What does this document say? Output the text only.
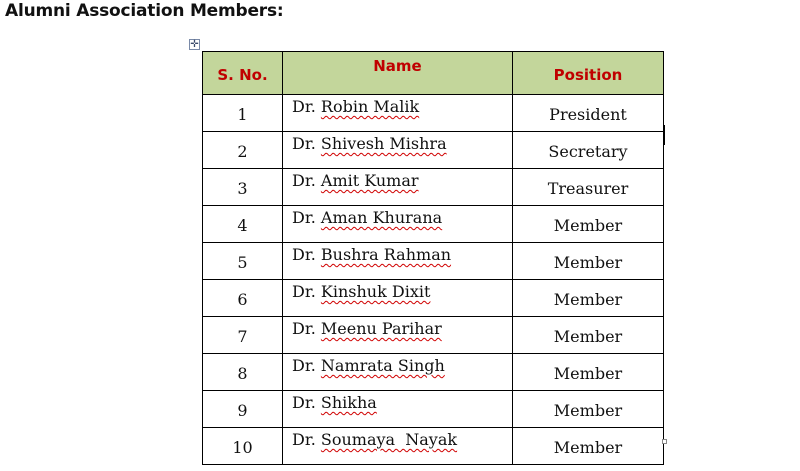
Alumni Association Members:
✛
S. No.	Name	Position
1	Dr. Robin Malik	President
2	Dr. Shivesh Mishra	Secretary
3	Dr. Amit Kumar	Treasurer
4	Dr. Aman Khurana	Member
5	Dr. Bushra Rahman	Member
6	Dr. Kinshuk Dixit	Member
7	Dr. Meenu Parihar	Member
8	Dr. Namrata Singh	Member
9	Dr. Shikha	Member
10	Dr. Soumaya  Nayak	Member
